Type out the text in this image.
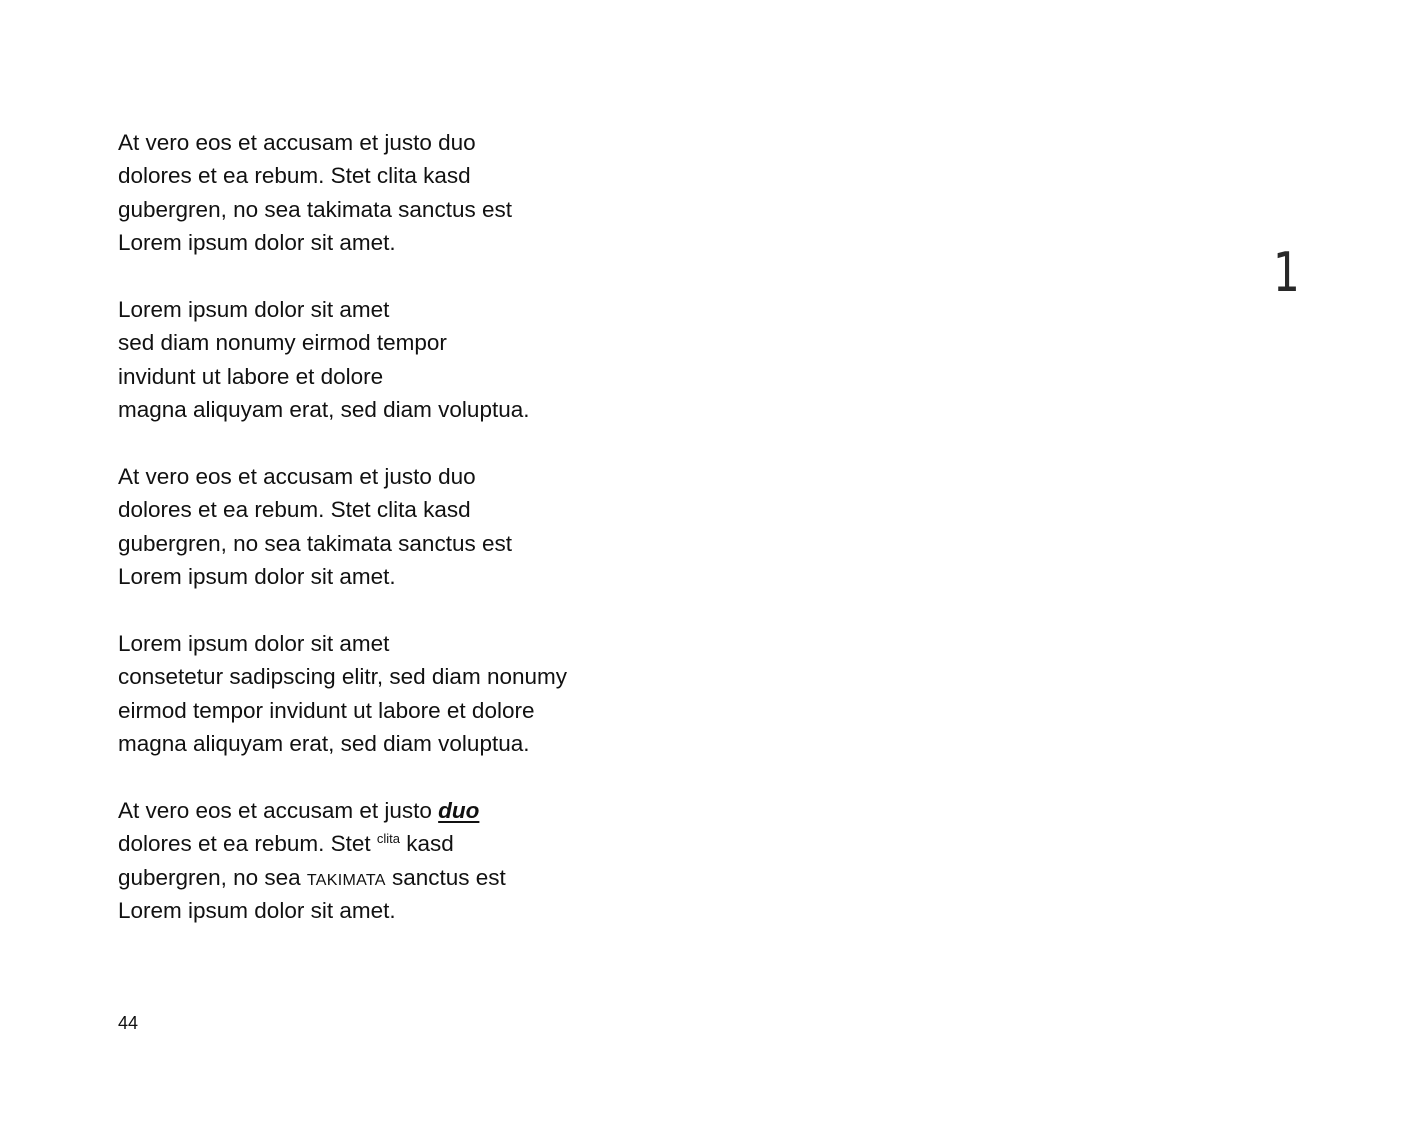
At vero eos et accusam et justo duo
dolores et ea rebum. Stet clita kasd
gubergren, no sea takimata sanctus est
Lorem ipsum dolor sit amet.
Lorem ipsum dolor sit amet
sed diam nonumy eirmod tempor
invidunt ut labore et dolore
magna aliquyam erat, sed diam voluptua.
At vero eos et accusam et justo duo
dolores et ea rebum. Stet clita kasd
gubergren, no sea takimata sanctus est
Lorem ipsum dolor sit amet.
Lorem ipsum dolor sit amet
consetetur sadipscing elitr, sed diam nonumy
eirmod tempor invidunt ut labore et dolore
magna aliquyam erat, sed diam voluptua.
At vero eos et accusam et justo duo
dolores et ea rebum. Stet $^{clita}$ kasd
gubergren, no sea takimata sanctus est
Lorem ipsum dolor sit amet.
1
44
